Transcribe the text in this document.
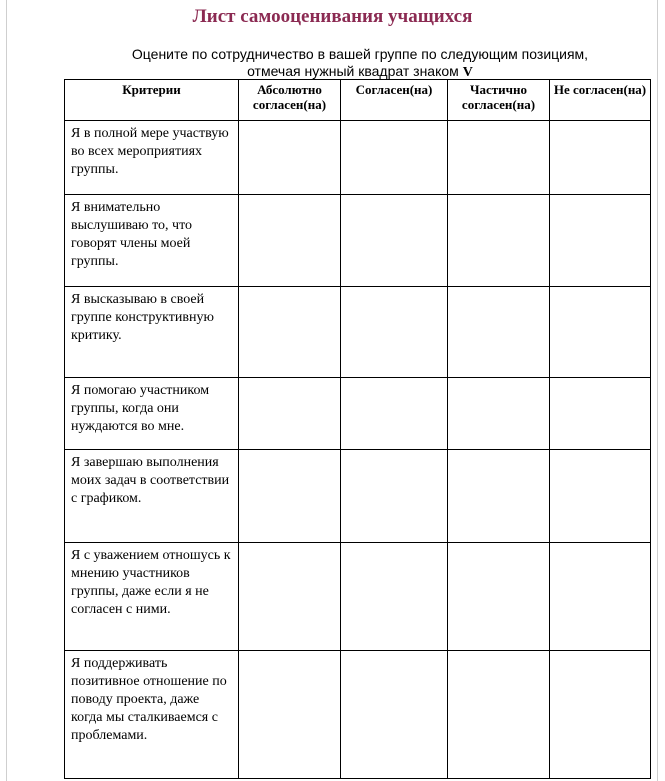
Лист самооценивания учащихся
Оцените по сотрудничество в вашей группе по следующим позициям,
отмечая нужный квадрат знаком V
Критерии	Абсолютно согласен(на)	Согласен(на)	Частично согласен(на)	Не согласен(на)
Я в полной мере участвую во всех мероприятиях группы.				
Я внимательно выслушиваю то, что говорят члены моей группы.				
Я высказываю в своей группе конструктивную критику.				
Я помогаю участником группы, когда они нуждаются во мне.				
Я завершаю выполнения моих задач в соответствии с графиком.				
Я с уважением отношусь к мнению участников группы, даже если я не согласен с ними.				
Я поддерживать позитивное отношение по поводу проекта, даже когда мы сталкиваемся с проблемами.				
